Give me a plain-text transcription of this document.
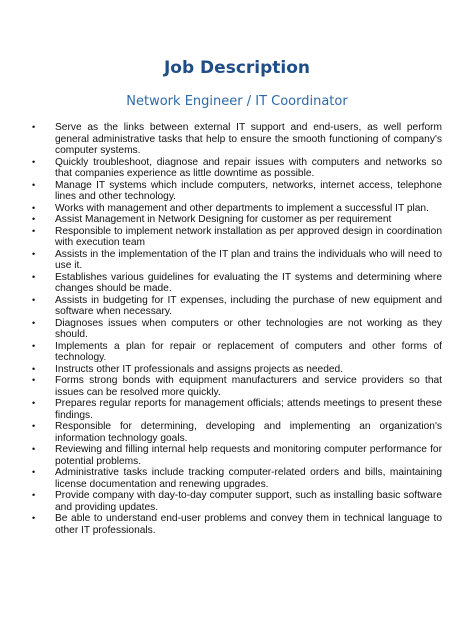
Job Description
Network Engineer / IT Coordinator
•	Serve as the links between external IT support and end-users, as well perform general administrative tasks that help to ensure the smooth functioning of company's computer systems.
•	Quickly troubleshoot, diagnose and repair issues with computers and networks so that companies experience as little downtime as possible.
•	Manage IT systems which include computers, networks, internet access, telephone lines and other technology.
•	Works with management and other departments to implement a successful IT plan.
•	Assist Management in Network Designing for customer as per requirement
•	Responsible to implement network installation as per approved design in coordination with execution team
•	Assists in the implementation of the IT plan and trains the individuals who will need to use it.
•	Establishes various guidelines for evaluating the IT systems and determining where changes should be made.
•	Assists in budgeting for IT expenses, including the purchase of new equipment and software when necessary.
•	Diagnoses issues when computers or other technologies are not working as they should.
•	Implements a plan for repair or replacement of computers and other forms of technology.
•	Instructs other IT professionals and assigns projects as needed.
•	Forms strong bonds with equipment manufacturers and service providers so that issues can be resolved more quickly.
•	Prepares regular reports for management officials; attends meetings to present these findings.
•	Responsible for determining, developing and implementing an organization's information technology goals.
•	Reviewing and filling internal help requests and monitoring computer performance for potential problems.
•	Administrative tasks include tracking computer-related orders and bills, maintaining license documentation and renewing upgrades.
•	Provide company with day-to-day computer support, such as installing basic software and providing updates.
•	Be able to understand end-user problems and convey them in technical language to other IT professionals.
